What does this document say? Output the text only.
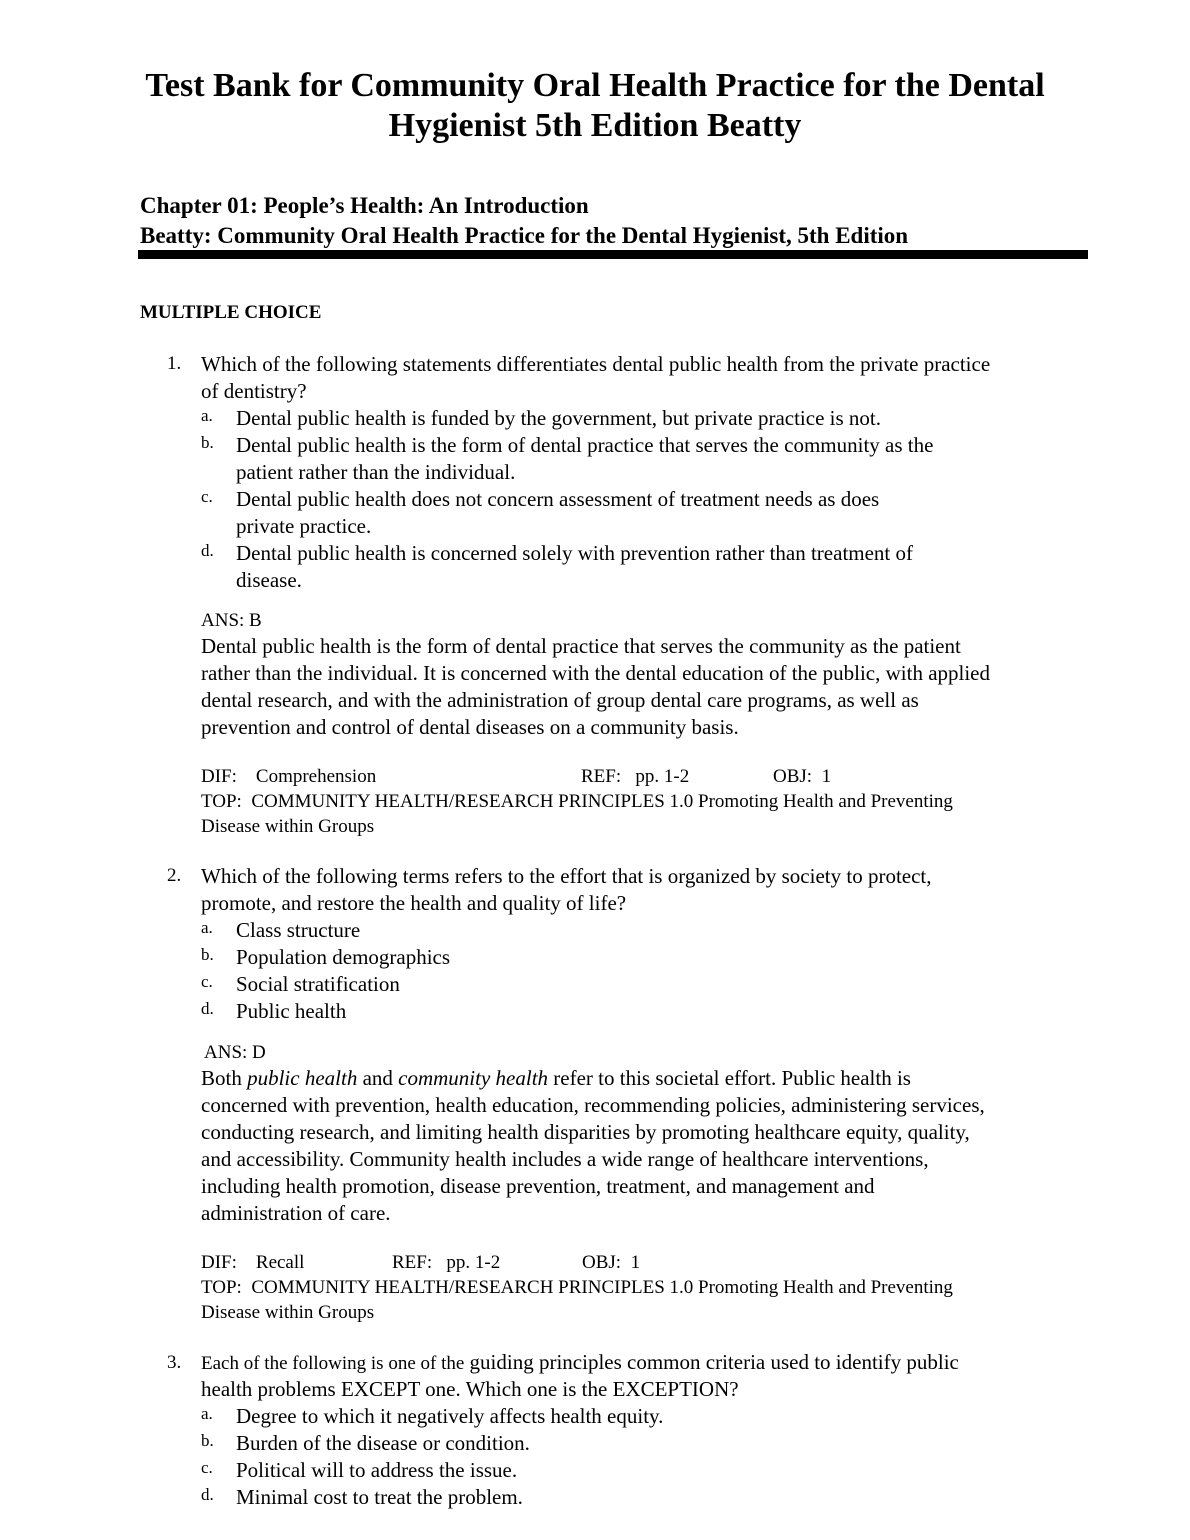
Test Bank for Community Oral Health Practice for the Dental
Hygienist 5th Edition Beatty
Chapter 01: People’s Health: An Introduction
Beatty: Community Oral Health Practice for the Dental Hygienist, 5th Edition
MULTIPLE CHOICE
1. Which of the following statements differentiates dental public health from the private practice
of dentistry?
a. Dental public health is funded by the government, but private practice is not.
b. Dental public health is the form of dental practice that serves the community as the
patient rather than the individual.
c. Dental public health does not concern assessment of treatment needs as does
private practice.
d. Dental public health is concerned solely with prevention rather than treatment of
disease.
ANS: B
Dental public health is the form of dental practice that serves the community as the patient
rather than the individual. It is concerned with the dental education of the public, with applied
dental research, and with the administration of group dental care programs, as well as
prevention and control of dental diseases on a community basis.
DIF:    Comprehension	REF:   pp. 1-2	OBJ:  1
TOP:  COMMUNITY HEALTH/RESEARCH PRINCIPLES 1.0 Promoting Health and Preventing
Disease within Groups
2. Which of the following terms refers to the effort that is organized by society to protect,
promote, and restore the health and quality of life?
a. Class structure
b. Population demographics
c. Social stratification
d. Public health
ANS: D
Both public health and community health refer to this societal effort. Public health is
concerned with prevention, health education, recommending policies, administering services,
conducting research, and limiting health disparities by promoting healthcare equity, quality,
and accessibility. Community health includes a wide range of healthcare interventions,
including health promotion, disease prevention, treatment, and management and
administration of care.
DIF:    Recall	REF:   pp. 1-2	OBJ:  1
TOP:  COMMUNITY HEALTH/RESEARCH PRINCIPLES 1.0 Promoting Health and Preventing
Disease within Groups
3. Each of the following is one of the guiding principles common criteria used to identify public
health problems EXCEPT one. Which one is the EXCEPTION?
a. Degree to which it negatively affects health equity.
b. Burden of the disease or condition.
c. Political will to address the issue.
d. Minimal cost to treat the problem.
